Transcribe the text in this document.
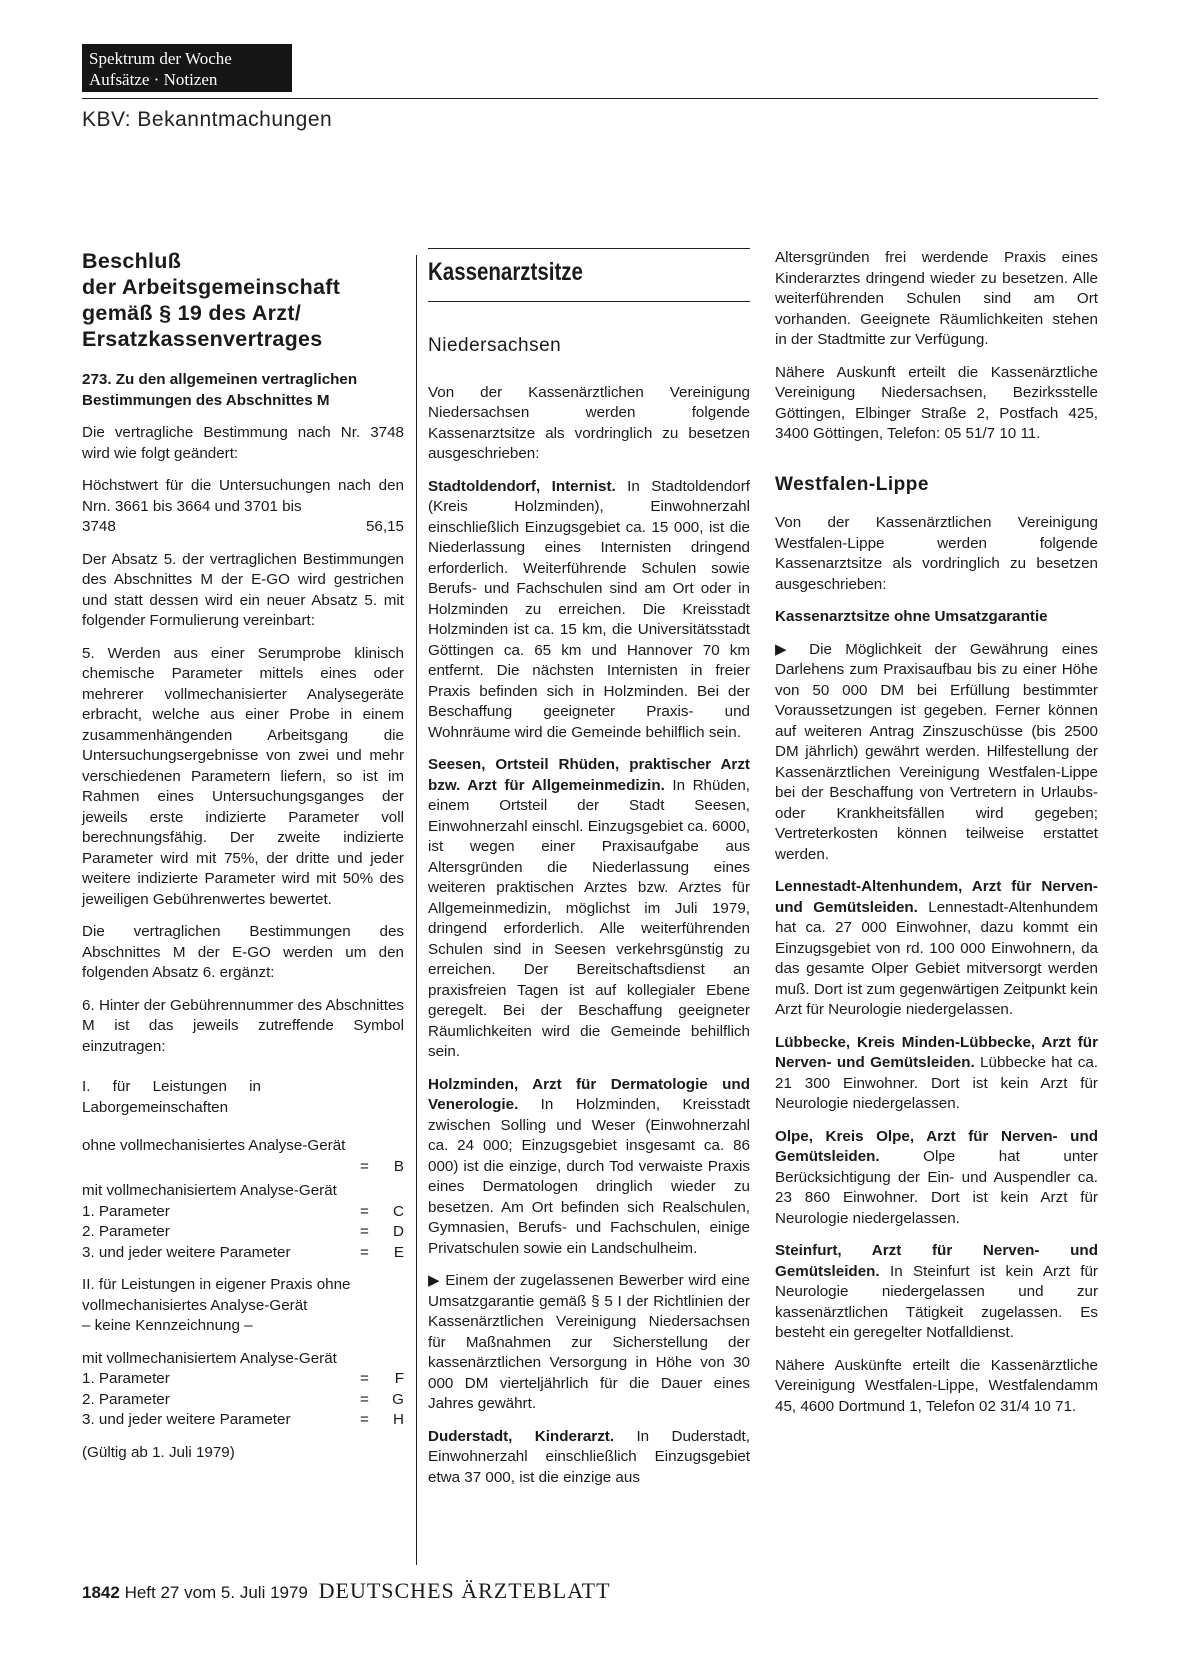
Spektrum der Woche
Aufsätze · Notizen
KBV: Bekanntmachungen
Beschluß
der Arbeitsgemeinschaft
gemäß § 19 des Arzt/
Ersatzkassenvertrages

273. Zu den allgemeinen vertraglichen Bestimmungen des Abschnittes M

Die vertragliche Bestimmung nach Nr. 3748 wird wie folgt geändert:

Höchstwert für die Untersuchungen nach den Nrn. 3661 bis 3664 und 3701 bis
3748	56,15

Der Absatz 5. der vertraglichen Bestimmungen des Abschnittes M der E-GO wird gestrichen und statt dessen wird ein neuer Absatz 5. mit folgender Formulierung vereinbart:

5. Werden aus einer Serumprobe klinisch chemische Parameter mittels eines oder mehrerer vollmechanisierter Analysegeräte erbracht, welche aus einer Probe in einem zusammenhängenden Arbeitsgang die Untersuchungsergebnisse von zwei und mehr verschiedenen Parametern liefern, so ist im Rahmen eines Untersuchungsganges der jeweils erste indizierte Parameter voll berechnungsfähig. Der zweite indizierte Parameter wird mit 75%, der dritte und jeder weitere indizierte Parameter wird mit 50% des jeweiligen Gebührenwertes bewertet.

Die vertraglichen Bestimmungen des Abschnittes M der E-GO werden um den folgenden Absatz 6. ergänzt:

6. Hinter der Gebührennummer des Abschnittes M ist das jeweils zutreffende Symbol einzutragen:

I. für Leistungen in Laborgemeinschaften

ohne vollmechanisiertes Analyse-Gerät
= B
mit vollmechanisiertem Analyse-Gerät
1. Parameter	= C
2. Parameter	= D
3. und jeder weitere Parameter	= E
II. für Leistungen in eigener Praxis ohne vollmechanisiertes Analyse-Gerät
– keine Kennzeichnung –
mit vollmechanisiertem Analyse-Gerät
1. Parameter	= F
2. Parameter	= G
3. und jeder weitere Parameter	= H
(Gültig ab 1. Juli 1979)
Kassenarztsitze
Niedersachsen

Von der Kassenärztlichen Vereinigung Niedersachsen werden folgende Kassenarztsitze als vordringlich zu besetzen ausgeschrieben:

Stadtoldendorf, Internist. In Stadtoldendorf (Kreis Holzminden), Einwohnerzahl einschließlich Einzugsgebiet ca. 15 000, ist die Niederlassung eines Internisten dringend erforderlich. Weiterführende Schulen sowie Berufs- und Fachschulen sind am Ort oder in Holzminden zu erreichen. Die Kreisstadt Holzminden ist ca. 15 km, die Universitätsstadt Göttingen ca. 65 km und Hannover 70 km entfernt. Die nächsten Internisten in freier Praxis befinden sich in Holzminden. Bei der Beschaffung geeigneter Praxis- und Wohnräume wird die Gemeinde behilflich sein.

Seesen, Ortsteil Rhüden, praktischer Arzt bzw. Arzt für Allgemeinmedizin. In Rhüden, einem Ortsteil der Stadt Seesen, Einwohnerzahl einschl. Einzugsgebiet ca. 6000, ist wegen einer Praxisaufgabe aus Altersgründen die Niederlassung eines weiteren praktischen Arztes bzw. Arztes für Allgemeinmedizin, möglichst im Juli 1979, dringend erforderlich. Alle weiterführenden Schulen sind in Seesen verkehrsgünstig zu erreichen. Der Bereitschaftsdienst an praxisfreien Tagen ist auf kollegialer Ebene geregelt. Bei der Beschaffung geeigneter Räumlichkeiten wird die Gemeinde behilflich sein.

Holzminden, Arzt für Dermatologie und Venerologie. In Holzminden, Kreisstadt zwischen Solling und Weser (Einwohnerzahl ca. 24 000; Einzugsgebiet insgesamt ca. 86 000) ist die einzige, durch Tod verwaiste Praxis eines Dermatologen dringlich wieder zu besetzen. Am Ort befinden sich Realschulen, Gymnasien, Berufs- und Fachschulen, einige Privatschulen sowie ein Landschulheim.

▶ Einem der zugelassenen Bewerber wird eine Umsatzgarantie gemäß § 5 I der Richtlinien der Kassenärztlichen Vereinigung Niedersachsen für Maßnahmen zur Sicherstellung der kassenärztlichen Versorgung in Höhe von 30 000 DM vierteljährlich für die Dauer eines Jahres gewährt.

Duderstadt, Kinderarzt. In Duderstadt, Einwohnerzahl einschließlich Einzugsgebiet etwa 37 000, ist die einzige aus

Altersgründen frei werdende Praxis eines Kinderarztes dringend wieder zu besetzen. Alle weiterführenden Schulen sind am Ort vorhanden. Geeignete Räumlichkeiten stehen in der Stadtmitte zur Verfügung.

Nähere Auskunft erteilt die Kassenärztliche Vereinigung Niedersachsen, Bezirksstelle Göttingen, Elbinger Straße 2, Postfach 425, 3400 Göttingen, Telefon: 05 51/7 10 11.

Westfalen-Lippe

Von der Kassenärztlichen Vereinigung Westfalen-Lippe werden folgende Kassenarztsitze als vordringlich zu besetzen ausgeschrieben:

Kassenarztsitze ohne Umsatzgarantie

▶ Die Möglichkeit der Gewährung eines Darlehens zum Praxisaufbau bis zu einer Höhe von 50 000 DM bei Erfüllung bestimmter Voraussetzungen ist gegeben. Ferner können auf weiteren Antrag Zinszuschüsse (bis 2500 DM jährlich) gewährt werden. Hilfestellung der Kassenärztlichen Vereinigung Westfalen-Lippe bei der Beschaffung von Vertretern in Urlaubs- oder Krankheitsfällen wird gegeben; Vertreterkosten können teilweise erstattet werden.

Lennestadt-Altenhundem, Arzt für Nerven- und Gemütsleiden. Lennestadt-Altenhundem hat ca. 27 000 Einwohner, dazu kommt ein Einzugsgebiet von rd. 100 000 Einwohnern, da das gesamte Olper Gebiet mitversorgt werden muß. Dort ist zum gegenwärtigen Zeitpunkt kein Arzt für Neurologie niedergelassen.

Lübbecke, Kreis Minden-Lübbecke, Arzt für Nerven- und Gemütsleiden. Lübbecke hat ca. 21 300 Einwohner. Dort ist kein Arzt für Neurologie niedergelassen.

Olpe, Kreis Olpe, Arzt für Nerven- und Gemütsleiden. Olpe hat unter Berücksichtigung der Ein- und Auspendler ca. 23 860 Einwohner. Dort ist kein Arzt für Neurologie niedergelassen.

Steinfurt, Arzt für Nerven- und Gemütsleiden. In Steinfurt ist kein Arzt für Neurologie niedergelassen und zur kassenärztlichen Tätigkeit zugelassen. Es besteht ein geregelter Notfalldienst.

Nähere Auskünfte erteilt die Kassenärztliche Vereinigung Westfalen-Lippe, Westfalendamm 45, 4600 Dortmund 1, Telefon 02 31/4 10 71.

1842 Heft 27 vom 5. Juli 1979 DEUTSCHES ÄRZTEBLATT
